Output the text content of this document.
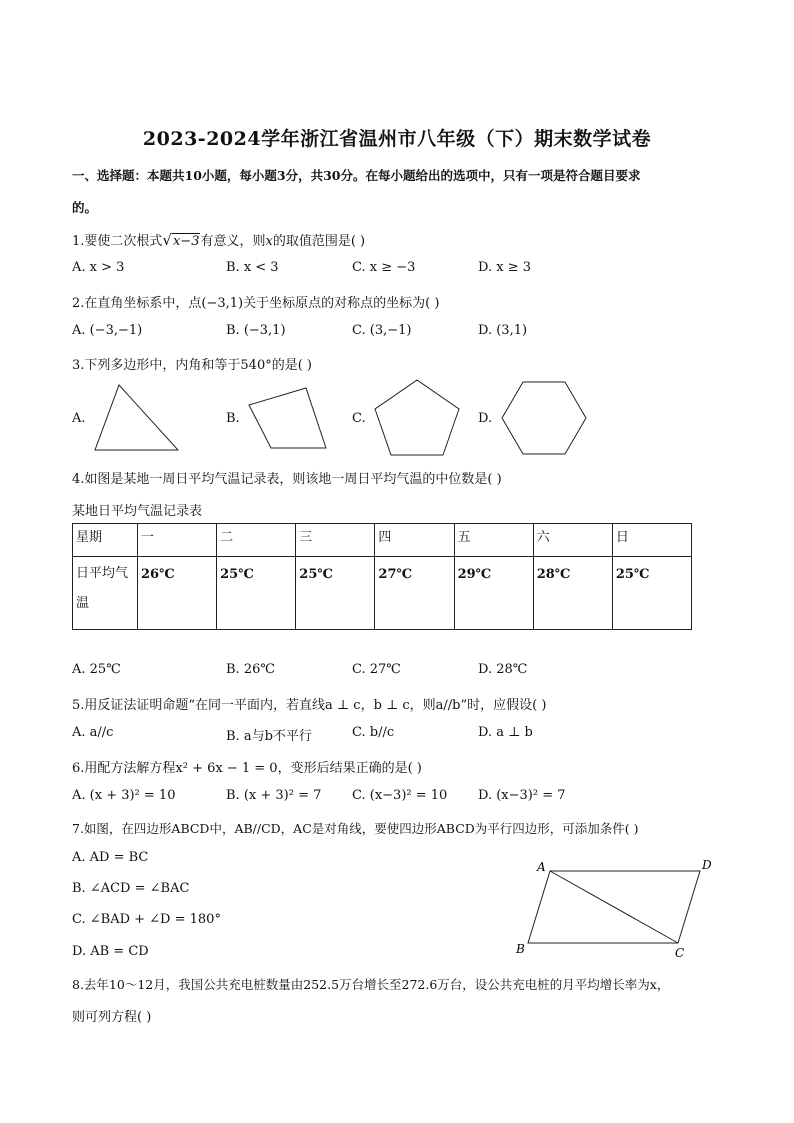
2023-2024学年浙江省温州市八年级（下）期末数学试卷
一、选择题：本题共10小题，每小题3分，共30分。在每小题给出的选项中，只有一项是符合题目要求
的。
1.要使二次根式√x−3有意义，则x的取值范围是( )
A. x > 3	B. x < 3	C. x ≥ −3	D. x ≥ 3
2.在直角坐标系中，点(−3,1)关于坐标原点的对称点的坐标为( )
A. (−3,−1)	B. (−3,1)	C. (3,−1)	D. (3,1)
3.下列多边形中，内角和等于540°的是( )
A.	B.	C.	D.
4.如图是某地一周日平均气温记录表，则该地一周日平均气温的中位数是( )
某地日平均气温记录表
星期	一	二	三	四	五	六	日

日平均气
温	26℃	25℃	25℃	27℃	29℃	28℃	25℃
A. 25℃	B. 26℃	C. 27℃	D. 28℃
5.用反证法证明命题“在同一平面内，若直线a ⊥ c，b ⊥ c，则a//b”时，应假设( )
A. a//c	B. a与b不平行	C. b//c	D. a ⊥ b
6.用配方法解方程x² + 6x − 1 = 0，变形后结果正确的是( )
A. (x + 3)² = 10	B. (x + 3)² = 7 C. (x−3)² = 10 D. (x−3)² = 7
7.如图，在四边形ABCD中，AB//CD，AC是对角线，要使四边形ABCD为平行四边形，可添加条件( )
A. AD = BC
B. ∠ACD = ∠BAC
C. ∠BAD + ∠D = 180°
D. AB = CD
A	D
B	C
8.去年10～12月，我国公共充电桩数量由252.5万台增长至272.6万台，设公共充电桩的月平均增长率为x，
则可列方程( )
